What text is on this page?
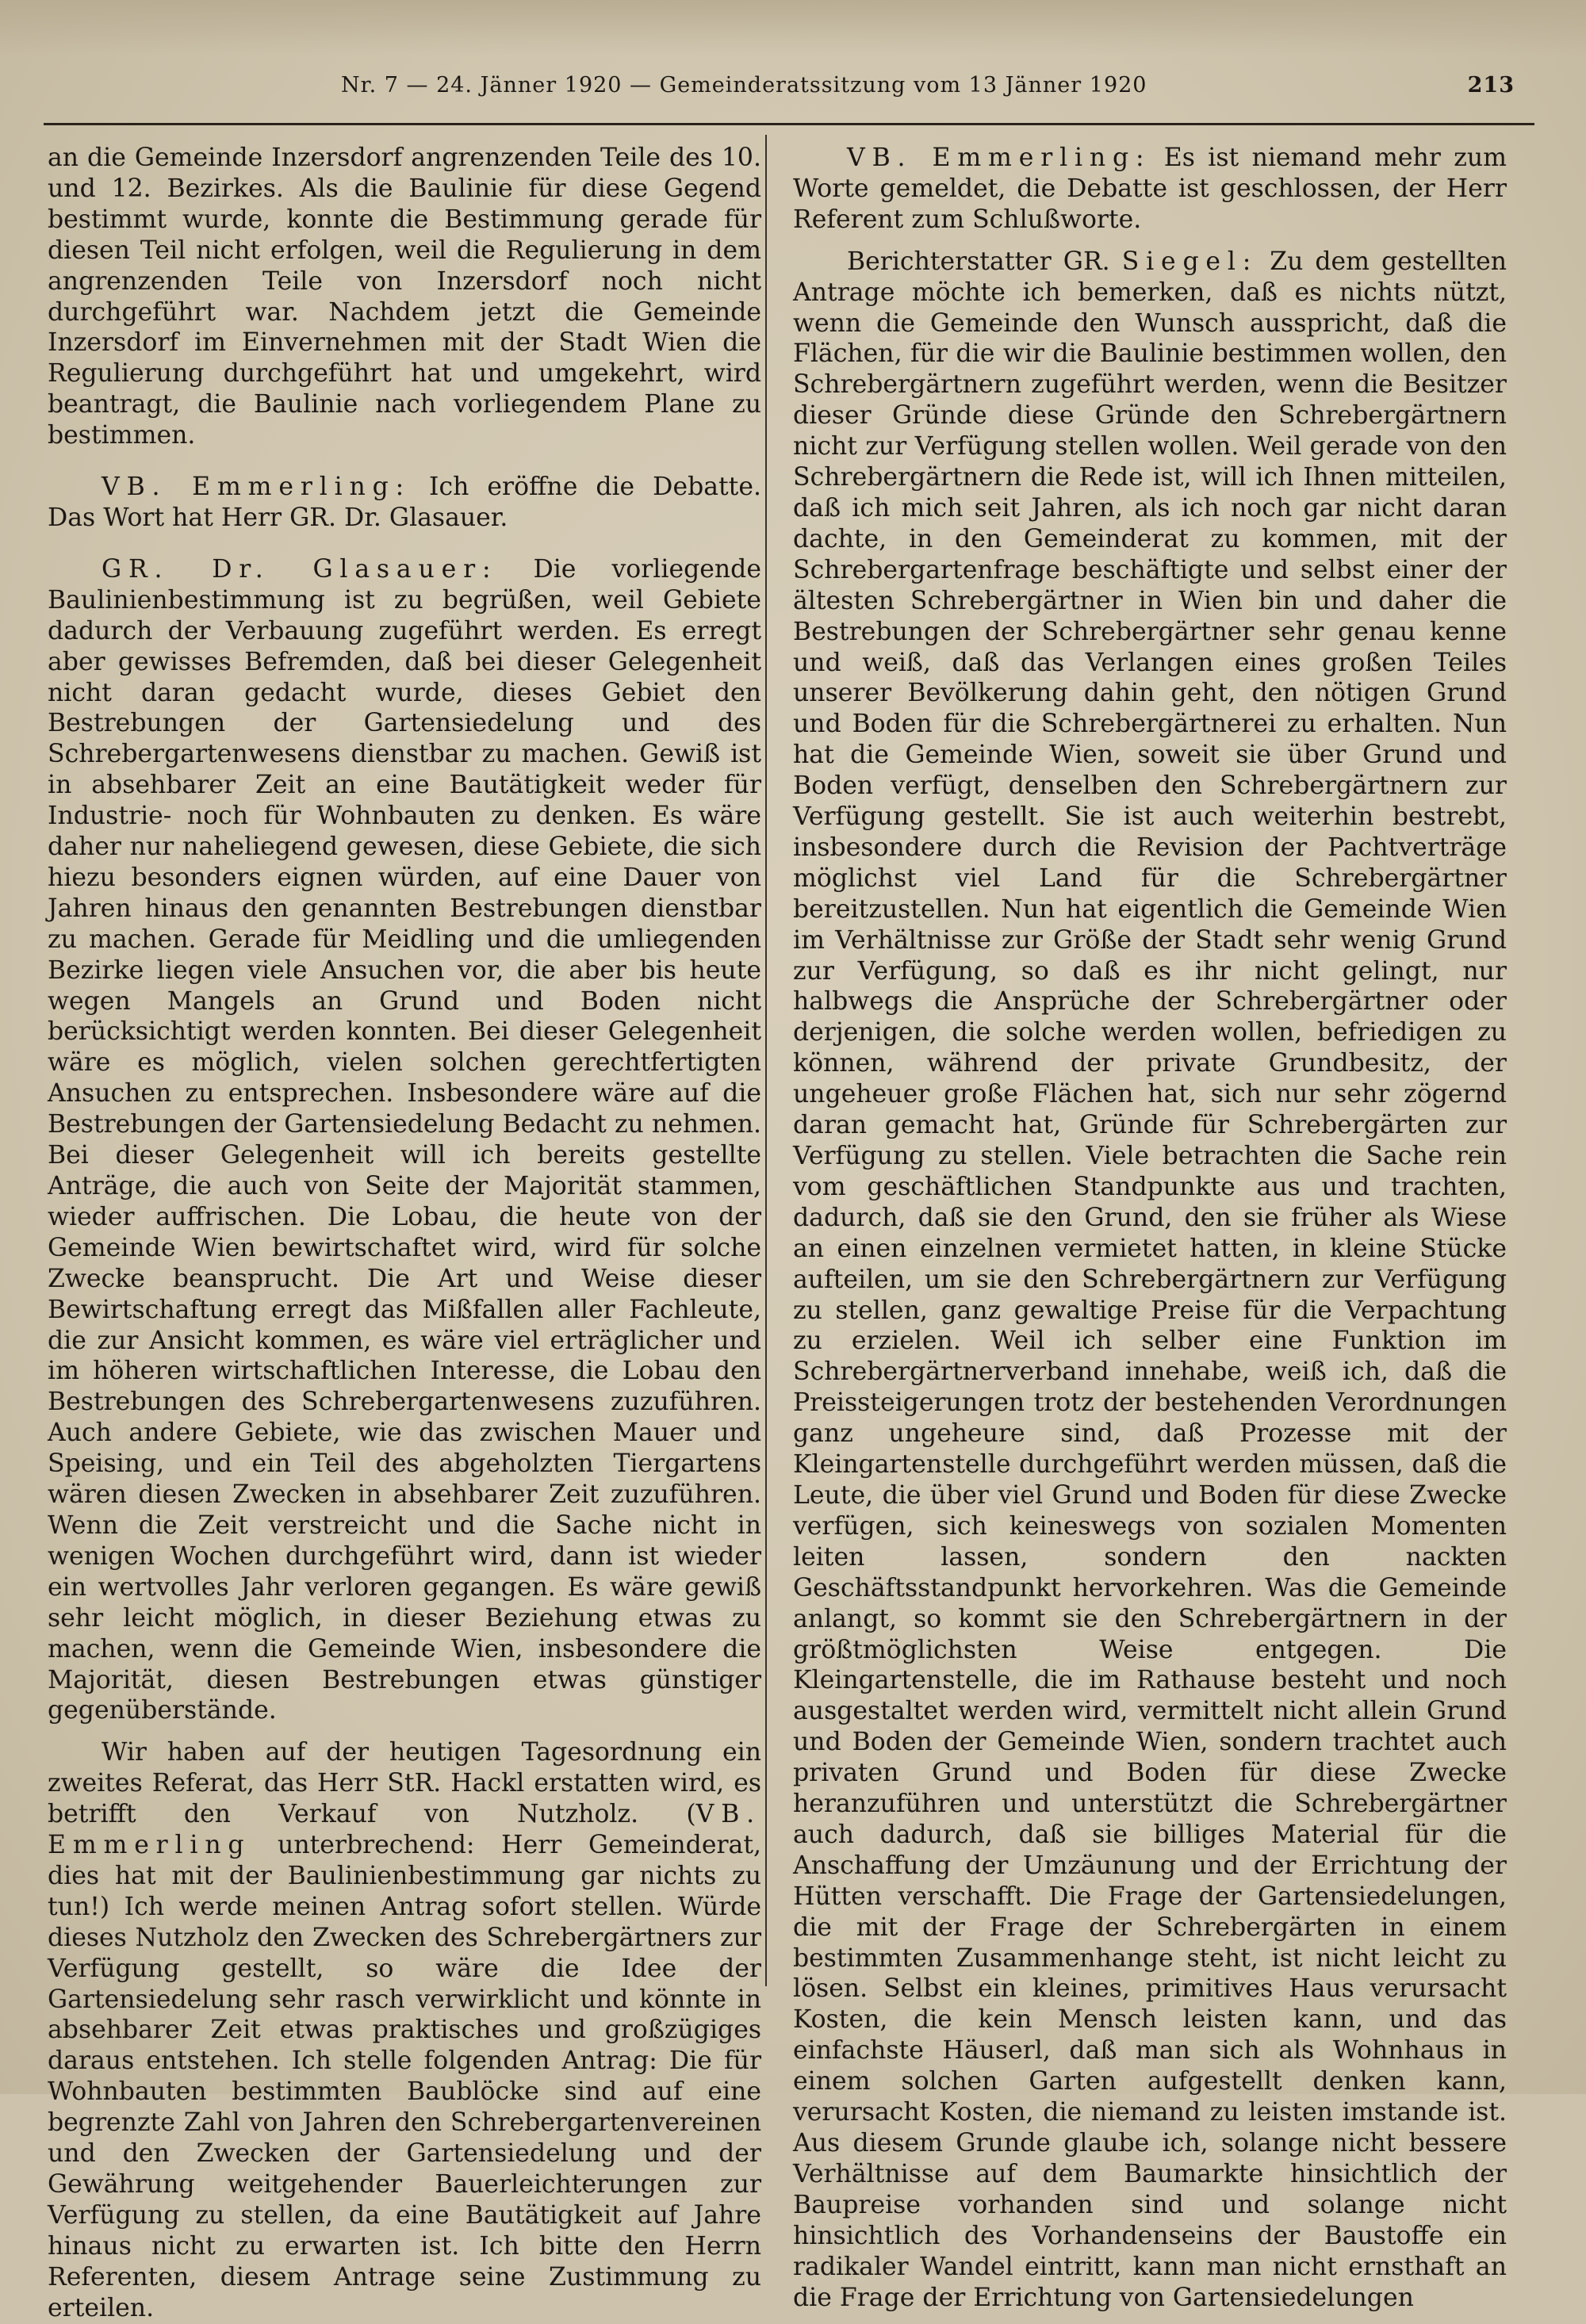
Nr. 7 — 24. Jänner 1920 — Gemeinderatssitzung vom 13 Jänner 1920	213

an die Gemeinde Inzersdorf angrenzenden Teile des 10. und 12. Bezirkes. Als die Baulinie für diese Gegend bestimmt wurde, konnte die Bestimmung gerade für diesen Teil nicht erfolgen, weil die Regulierung in dem angrenzenden Teile von Inzersdorf noch nicht durchgeführt war. Nachdem jetzt die Gemeinde Inzersdorf im Einvernehmen mit der Stadt Wien die Regulierung durchgeführt hat und umgekehrt, wird beantragt, die Baulinie nach vorliegendem Plane zu bestimmen.

VB. Emmerling: Ich eröffne die Debatte. Das Wort hat Herr GR. Dr. Glasauer.

GR. Dr. Glasauer: Die vorliegende Baulinienbestimmung ist zu begrüßen, weil Gebiete dadurch der Verbauung zugeführt werden. Es erregt aber gewisses Befremden, daß bei dieser Gelegenheit nicht daran gedacht wurde, dieses Gebiet den Bestrebungen der Gartensiedelung und des Schrebergartenwesens dienstbar zu machen. Gewiß ist in absehbarer Zeit an eine Bautätigkeit weder für Industrie- noch für Wohnbauten zu denken. Es wäre daher nur naheliegend gewesen, diese Gebiete, die sich hiezu besonders eignen würden, auf eine Dauer von Jahren hinaus den genannten Bestrebungen dienstbar zu machen. Gerade für Meidling und die umliegenden Bezirke liegen viele Ansuchen vor, die aber bis heute wegen Mangels an Grund und Boden nicht berücksichtigt werden konnten. Bei dieser Gelegenheit wäre es möglich, vielen solchen gerechtfertigten Ansuchen zu entsprechen. Insbesondere wäre auf die Bestrebungen der Gartensiedelung Bedacht zu nehmen. Bei dieser Gelegenheit will ich bereits gestellte Anträge, die auch von Seite der Majorität stammen, wieder auffrischen. Die Lobau, die heute von der Gemeinde Wien bewirtschaftet wird, wird für solche Zwecke beansprucht. Die Art und Weise dieser Bewirtschaftung erregt das Mißfallen aller Fachleute, die zur Ansicht kommen, es wäre viel erträglicher und im höheren wirtschaftlichen Interesse, die Lobau den Bestrebungen des Schrebergartenwesens zuzuführen. Auch andere Gebiete, wie das zwischen Mauer und Speising, und ein Teil des abgeholzten Tiergartens wären diesen Zwecken in absehbarer Zeit zuzuführen. Wenn die Zeit verstreicht und die Sache nicht in wenigen Wochen durchgeführt wird, dann ist wieder ein wertvolles Jahr verloren gegangen. Es wäre gewiß sehr leicht möglich, in dieser Beziehung etwas zu machen, wenn die Gemeinde Wien, insbesondere die Majorität, diesen Bestrebungen etwas günstiger gegenüberstände.

Wir haben auf der heutigen Tagesordnung ein zweites Referat, das Herr StR. Hackl erstatten wird, es betrifft den Verkauf von Nutzholz. (VB. Emmerling unterbrechend: Herr Gemeinderat, dies hat mit der Baulinienbestimmung gar nichts zu tun!) Ich werde meinen Antrag sofort stellen. Würde dieses Nutzholz den Zwecken des Schrebergärtners zur Verfügung gestellt, so wäre die Idee der Gartensiedelung sehr rasch verwirklicht und könnte in absehbarer Zeit etwas praktisches und großzügiges daraus entstehen. Ich stelle folgenden Antrag: Die für Wohnbauten bestimmten Baublöcke sind auf eine begrenzte Zahl von Jahren den Schrebergartenvereinen und den Zwecken der Gartensiedelung und der Gewährung weitgehender Bauerleichterungen zur Verfügung zu stellen, da eine Bautätigkeit auf Jahre hinaus nicht zu erwarten ist. Ich bitte den Herrn Referenten, diesem Antrage seine Zustimmung zu erteilen.

VB. Emmerling: Es ist niemand mehr zum Worte gemeldet, die Debatte ist geschlossen, der Herr Referent zum Schlußworte.

Berichterstatter GR. Siegel: Zu dem gestellten Antrage möchte ich bemerken, daß es nichts nützt, wenn die Gemeinde den Wunsch ausspricht, daß die Flächen, für die wir die Baulinie bestimmen wollen, den Schrebergärtnern zugeführt werden, wenn die Besitzer dieser Gründe diese Gründe den Schrebergärtnern nicht zur Verfügung stellen wollen. Weil gerade von den Schrebergärtnern die Rede ist, will ich Ihnen mitteilen, daß ich mich seit Jahren, als ich noch gar nicht daran dachte, in den Gemeinderat zu kommen, mit der Schrebergartenfrage beschäftigte und selbst einer der ältesten Schrebergärtner in Wien bin und daher die Bestrebungen der Schrebergärtner sehr genau kenne und weiß, daß das Verlangen eines großen Teiles unserer Bevölkerung dahin geht, den nötigen Grund und Boden für die Schrebergärtnerei zu erhalten. Nun hat die Gemeinde Wien, soweit sie über Grund und Boden verfügt, denselben den Schrebergärtnern zur Verfügung gestellt. Sie ist auch weiterhin bestrebt, insbesondere durch die Revision der Pachtverträge möglichst viel Land für die Schrebergärtner bereitzustellen. Nun hat eigentlich die Gemeinde Wien im Verhältnisse zur Größe der Stadt sehr wenig Grund zur Verfügung, so daß es ihr nicht gelingt, nur halbwegs die Ansprüche der Schrebergärtner oder derjenigen, die solche werden wollen, befriedigen zu können, während der private Grundbesitz, der ungeheuer große Flächen hat, sich nur sehr zögernd daran gemacht hat, Gründe für Schrebergärten zur Verfügung zu stellen. Viele betrachten die Sache rein vom geschäftlichen Standpunkte aus und trachten, dadurch, daß sie den Grund, den sie früher als Wiese an einen einzelnen vermietet hatten, in kleine Stücke aufteilen, um sie den Schrebergärtnern zur Verfügung zu stellen, ganz gewaltige Preise für die Verpachtung zu erzielen. Weil ich selber eine Funktion im Schrebergärtnerverband innehabe, weiß ich, daß die Preissteigerungen trotz der bestehenden Verordnungen ganz ungeheure sind, daß Prozesse mit der Kleingartenstelle durchgeführt werden müssen, daß die Leute, die über viel Grund und Boden für diese Zwecke verfügen, sich keineswegs von sozialen Momenten leiten lassen, sondern den nackten Geschäftsstandpunkt hervorkehren. Was die Gemeinde anlangt, so kommt sie den Schrebergärtnern in der größtmöglichsten Weise entgegen. Die Kleingartenstelle, die im Rathause besteht und noch ausgestaltet werden wird, vermittelt nicht allein Grund und Boden der Gemeinde Wien, sondern trachtet auch privaten Grund und Boden für diese Zwecke heranzuführen und unterstützt die Schrebergärtner auch dadurch, daß sie billiges Material für die Anschaffung der Umzäunung und der Errichtung der Hütten verschafft. Die Frage der Gartensiedelungen, die mit der Frage der Schrebergärten in einem bestimmten Zusammenhange steht, ist nicht leicht zu lösen. Selbst ein kleines, primitives Haus verursacht Kosten, die kein Mensch leisten kann, und das einfachste Häuserl, daß man sich als Wohnhaus in einem solchen Garten aufgestellt denken kann, verursacht Kosten, die niemand zu leisten imstande ist. Aus diesem Grunde glaube ich, solange nicht bessere Verhältnisse auf dem Baumarkte hinsichtlich der Baupreise vorhanden sind und solange nicht hinsichtlich des Vorhandenseins der Baustoffe ein radikaler Wandel eintritt, kann man nicht ernsthaft an die Frage der Errichtung von Gartensiedelungen
